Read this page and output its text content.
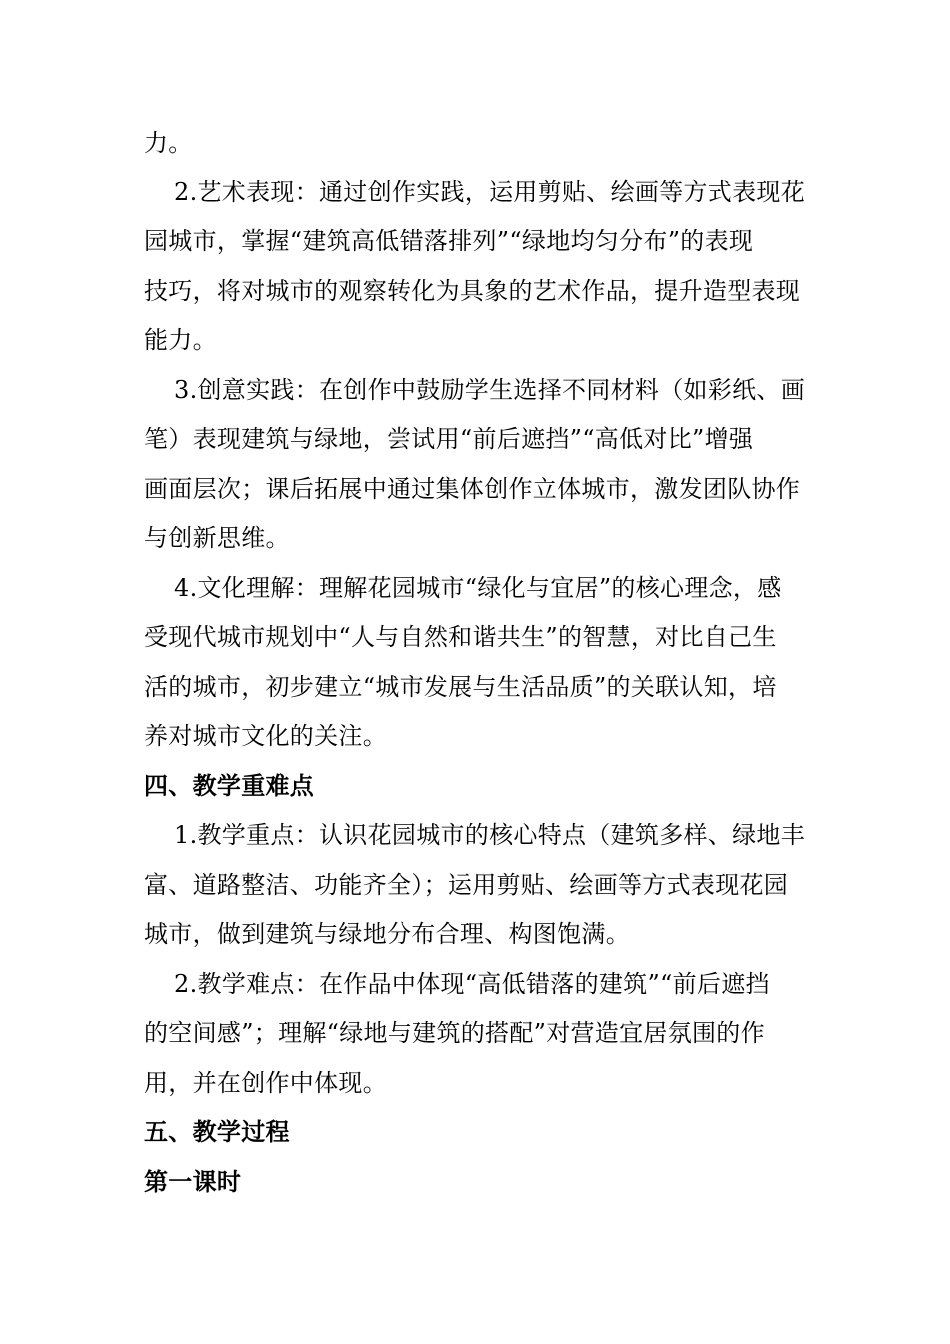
力。
2.艺术表现：通过创作实践，运用剪贴、绘画等方式表现花
园城市，掌握“建筑高低错落排列”“绿地均匀分布”的表现
技巧，将对城市的观察转化为具象的艺术作品，提升造型表现
能力。
3.创意实践：在创作中鼓励学生选择不同材料（如彩纸、画
笔）表现建筑与绿地，尝试用“前后遮挡”“高低对比”增强
画面层次；课后拓展中通过集体创作立体城市，激发团队协作
与创新思维。
4.文化理解：理解花园城市“绿化与宜居”的核心理念，感
受现代城市规划中“人与自然和谐共生”的智慧，对比自己生
活的城市，初步建立“城市发展与生活品质”的关联认知，培
养对城市文化的关注。
四、教学重难点
1.教学重点：认识花园城市的核心特点（建筑多样、绿地丰
富、道路整洁、功能齐全）；运用剪贴、绘画等方式表现花园
城市，做到建筑与绿地分布合理、构图饱满。
2.教学难点：在作品中体现“高低错落的建筑”“前后遮挡
的空间感”；理解“绿地与建筑的搭配”对营造宜居氛围的作
用，并在创作中体现。
五、教学过程
第一课时
